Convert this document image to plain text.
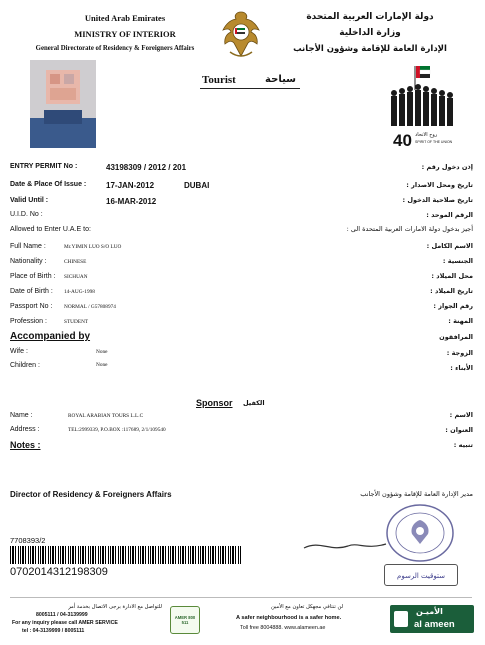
United Arab Emirates
MINISTRY OF INTERIOR
General Directorate of Residency & Foreigners Affairs
دولة الإمارات العربية المتحدة
وزارة الداخلية
الإدارة العامة للإقامة وشؤون الأجانب
Tourist	سياحة
40 روح الاتحاد
SPIRIT OF THE UNION
ENTRY PERMIT No :	43198309 / 2012 / 201	إذن دخول رقم :
Date & Place Of Issue : 17-JAN-2012	DUBAI	تاريخ ومحل الاصدار :
Valid Until :	16-MAR-2012	تاريخ صلاحية الدخول :
U.I.D. No :	الرقم الموحد :
Allowed to Enter U.A.E to:	أجيز بدخول دولة الامارات العربية المتحدة الى :
Full Name :	Mr.YIMIN LUO S/O LUO	الاسم الكامل :
Nationality :	CHINESE	الجنسية :
Place of Birth : SICHUAN	محل الميلاد :
Date of Birth : 14-AUG-1998	تاريخ الميلاد :
Passport No : NORMAL / G57808974	رقم الجواز :
Profession :	STUDENT	المهنة :
Accompanied by	المرافقون
Wife :	None	الزوجة :
Children :	None	الأبناء :
Sponsor الكفيل
Name :	ROYAL ARABIAN TOURS L.L.C	الاسم :
Address :	TEL:2999339, P.O.BOX :117689, 2/1/109540	العنوان :
Notes :	تنبيه :
Director of Residency & Foreigners Affairs	مدير الإدارة العامة للإقامة وشؤون الأجانب
ستوقيت الرسوم
7708393/2
0702014312198309
للتواصل مع الادارة برجى الاتصال بخدمة أمر
8005111 / 04-3139999
For any inquiry please call AMER SERVICE
tel : 04-3139999 / 8005111
AMER 800 511
لن تنتافي مجهكل تعاون مع الأمين
A safer neighbourhood is a safer home.
Toll free 8004888. www.alameen.ae
الأميـن
al ameen
